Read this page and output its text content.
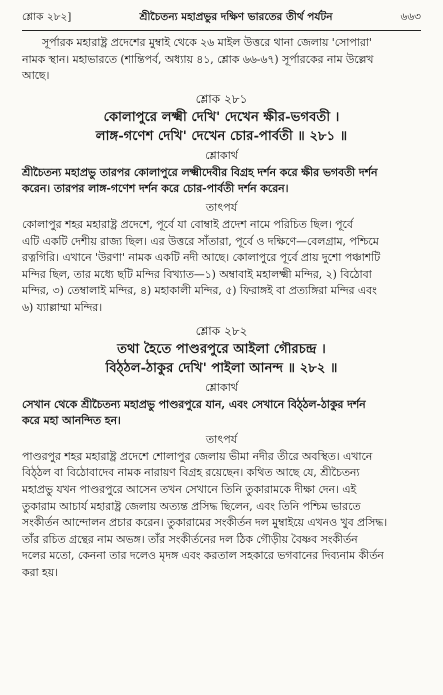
শ্লোক ২৮২]	শ্রীচৈতন্য মহাপ্রভুর দক্ষিণ ভারতের তীর্থ পর্যটন	৬৬৩

সূর্পারক মহারাষ্ট্র প্রদেশের মুম্বাই থেকে ২৬ মাইল উত্তরে থানা জেলায় 'সোপারা'

নামক স্থান। মহাভারতে (শান্তিপর্ব, অধ্যায় ৪১, শ্লোক ৬৬-৬৭) সূর্পারকের নাম উল্লেখ

আছে।

শ্লোক ২৮১
কোলাপুরে লক্ষ্মী দেখি' দেখেন ক্ষীর-ভগবতী ।
লাঙ্গ-গণেশ দেখি' দেখেন চোর-পার্বতী ॥ ২৮১ ॥
শ্লোকার্থ

শ্রীচৈতন্য মহাপ্রভু তারপর কোলাপুরে লক্ষ্মীদেবীর বিগ্রহ দর্শন করে ক্ষীর ভগবতী দর্শন

করেন। তারপর লাঙ্গ-গণেশ দর্শন করে চোর-পার্বতী দর্শন করেন।

তাৎপর্য

কোলাপুর শহর মহারাষ্ট্র প্রদেশে, পূর্বে যা বোম্বাই প্রদেশ নামে পরিচিত ছিল। পূর্বে

এটি একটি দেশীয় রাজ্য ছিল। এর উত্তরে সাঁতারা, পূর্বে ও দক্ষিণে—বেলগ্রাম, পশ্চিমে

রত্নগিরি। এখানে 'উরণা' নামক একটি নদী আছে। কোলাপুরে পূর্বে প্রায় দুশো পঞ্চাশটি

মন্দির ছিল, তার মধ্যে ছটি মন্দির বিখ্যাত—১) অম্বাবাই মহালক্ষ্মী মন্দির, ২) বিঠোবা

মন্দির, ৩) তেম্বালাই মন্দির, ৪) মহাকালী মন্দির, ৫) ফিরাঙ্গই বা প্রত্যঙ্গিরা মন্দির এবং

৬) য্যাল্লাম্মা মন্দির।

শ্লোক ২৮২
তথা হৈতে পাণ্ডরপুরে আইলা গৌরচন্দ্র ।
বিঠ্‌ঠল-ঠাকুর দেখি' পাইলা আনন্দ ॥ ২৮২ ॥
শ্লোকার্থ

সেখান থেকে শ্রীচৈতন্য মহাপ্রভু পাণ্ডরপুরে যান, এবং সেখানে বিঠ্‌ঠল-ঠাকুর দর্শন

করে মহা আনন্দিত হন।

তাৎপর্য

পাণ্ডরপুর শহর মহারাষ্ট্র প্রদেশে শোলাপুর জেলায় ভীমা নদীর তীরে অবস্থিত। এখানে

বিঠ্‌ঠল বা বিঠোবাদেব নামক নারায়ণ বিগ্রহ রয়েছেন। কথিত আছে যে, শ্রীচৈতন্য

মহাপ্রভু যখন পাণ্ডরপুরে আসেন তখন সেখানে তিনি তুকারামকে দীক্ষা দেন। এই

তুকারাম আচার্য মহারাষ্ট্র জেলায় অত্যন্ত প্রসিদ্ধ ছিলেন, এবং তিনি পশ্চিম ভারতে

সংকীর্তন আন্দোলন প্রচার করেন। তুকারামের সংকীর্তন দল মুম্বাইয়ে এখনও খুব প্রসিদ্ধ।

তাঁর রচিত গ্রন্থের নাম অভঙ্গ। তাঁর সংকীর্তনের দল ঠিক গৌড়ীয় বৈষ্ণব সংকীর্তন

দলের মতো, কেননা তার দলেও মৃদঙ্গ এবং করতাল সহকারে ভগবানের দিব্যনাম কীর্তন

করা হয়।
